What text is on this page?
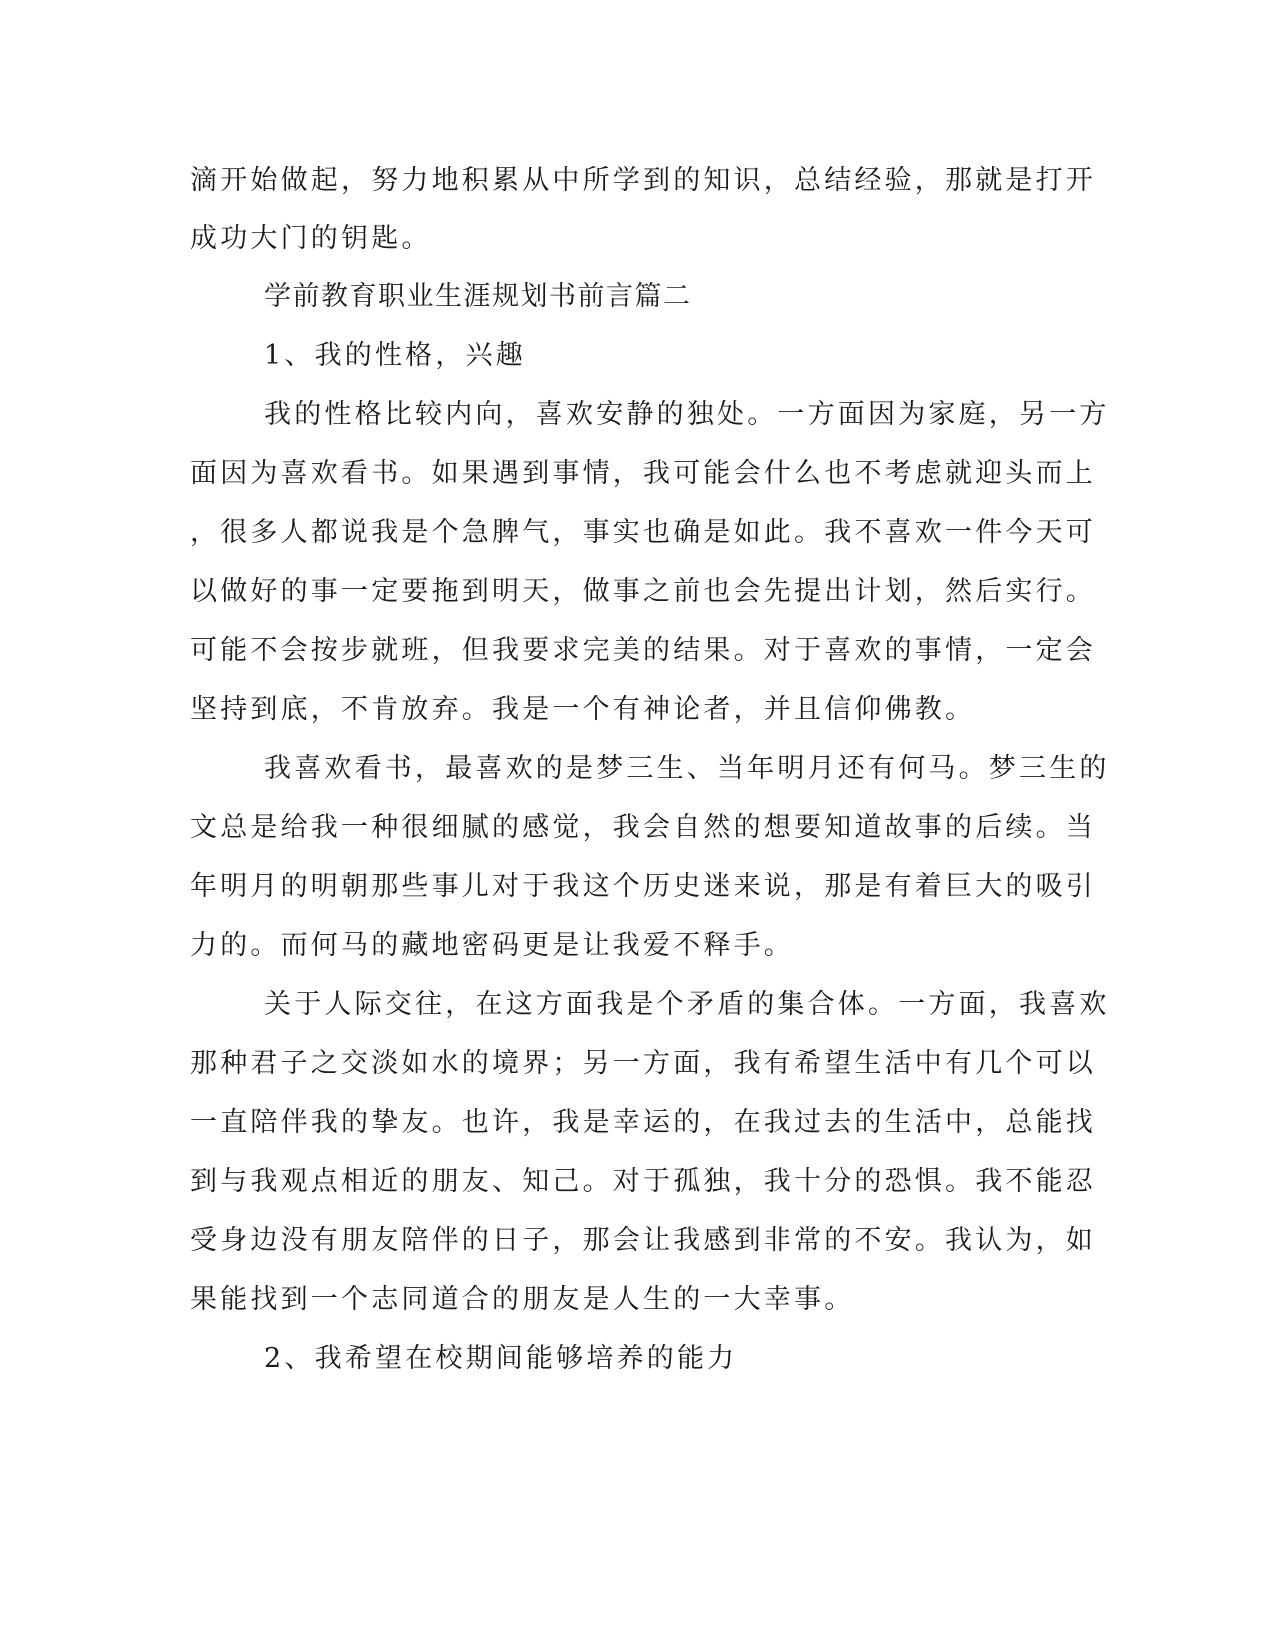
滴开始做起，努力地积累从中所学到的知识，总结经验，那就是打开
成功大门的钥匙。
学前教育职业生涯规划书前言篇二
1、我的性格，兴趣
我的性格比较内向，喜欢安静的独处。一方面因为家庭，另一方
面因为喜欢看书。如果遇到事情，我可能会什么也不考虑就迎头而上
，很多人都说我是个急脾气，事实也确是如此。我不喜欢一件今天可
以做好的事一定要拖到明天，做事之前也会先提出计划，然后实行。
可能不会按步就班，但我要求完美的结果。对于喜欢的事情，一定会
坚持到底，不肯放弃。我是一个有神论者，并且信仰佛教。
我喜欢看书，最喜欢的是梦三生、当年明月还有何马。梦三生的
文总是给我一种很细腻的感觉，我会自然的想要知道故事的后续。当
年明月的明朝那些事儿对于我这个历史迷来说，那是有着巨大的吸引
力的。而何马的藏地密码更是让我爱不释手。
关于人际交往，在这方面我是个矛盾的集合体。一方面，我喜欢
那种君子之交淡如水的境界；另一方面，我有希望生活中有几个可以
一直陪伴我的挚友。也许，我是幸运的，在我过去的生活中，总能找
到与我观点相近的朋友、知己。对于孤独，我十分的恐惧。我不能忍
受身边没有朋友陪伴的日子，那会让我感到非常的不安。我认为，如
果能找到一个志同道合的朋友是人生的一大幸事。
2、我希望在校期间能够培养的能力
